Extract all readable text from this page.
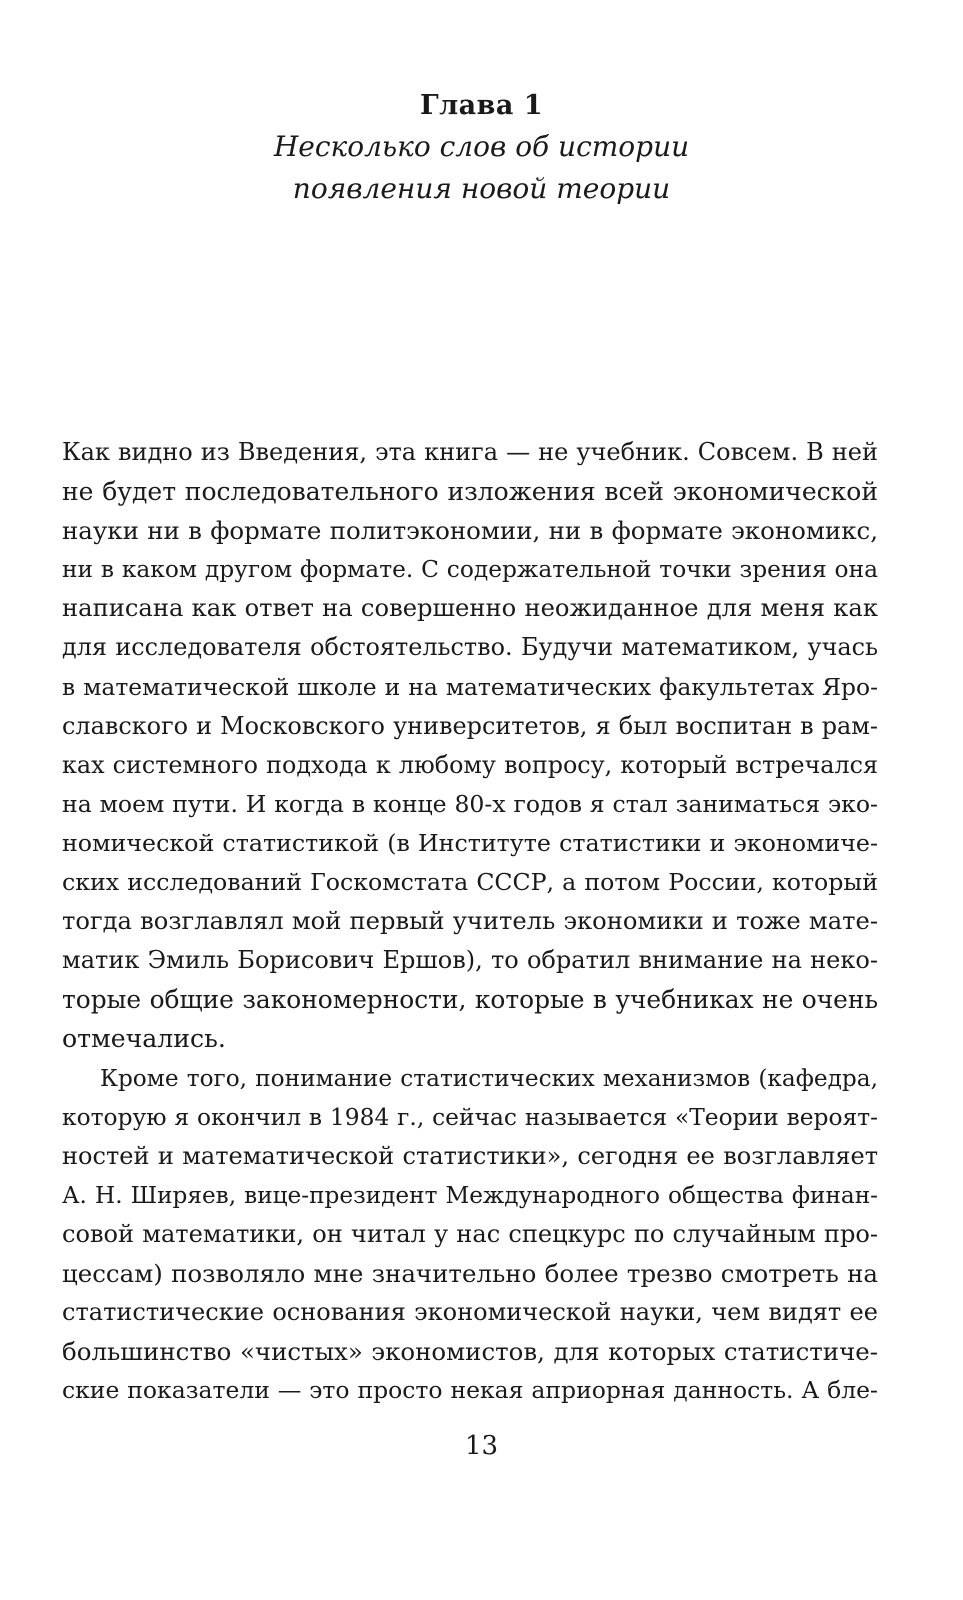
Глава 1
Несколько слов об истории
появления новой теории
Как видно из Введения, эта книга — не учебник. Совсем. В ней
не будет последовательного изложения всей экономической
науки ни в формате политэкономии, ни в формате экономикс,
ни в каком другом формате. С содержательной точки зрения она
написана как ответ на совершенно неожиданное для меня как
для исследователя обстоятельство. Будучи математиком, учась
в математической школе и на математических факультетах Яро-
славского и Московского университетов, я был воспитан в рам-
ках системного подхода к любому вопросу, который встречался
на моем пути. И когда в конце 80-х годов я стал заниматься эко-
номической статистикой (в Институте статистики и экономиче-
ских исследований Госкомстата СССР, а потом России, который
тогда возглавлял мой первый учитель экономики и тоже мате-
матик Эмиль Борисович Ершов), то обратил внимание на неко-
торые общие закономерности, которые в учебниках не очень
отмечались.
Кроме того, понимание статистических механизмов (кафедра,
которую я окончил в 1984 г., сейчас называется «Теории вероят-
ностей и математической статистики», сегодня ее возглавляет
А. Н. Ширяев, вице-президент Международного общества финан-
совой математики, он читал у нас спецкурс по случайным про-
цессам) позволяло мне значительно более трезво смотреть на
статистические основания экономической науки, чем видят ее
большинство «чистых» экономистов, для которых статистиче-
ские показатели — это просто некая априорная данность. А бле-
13
